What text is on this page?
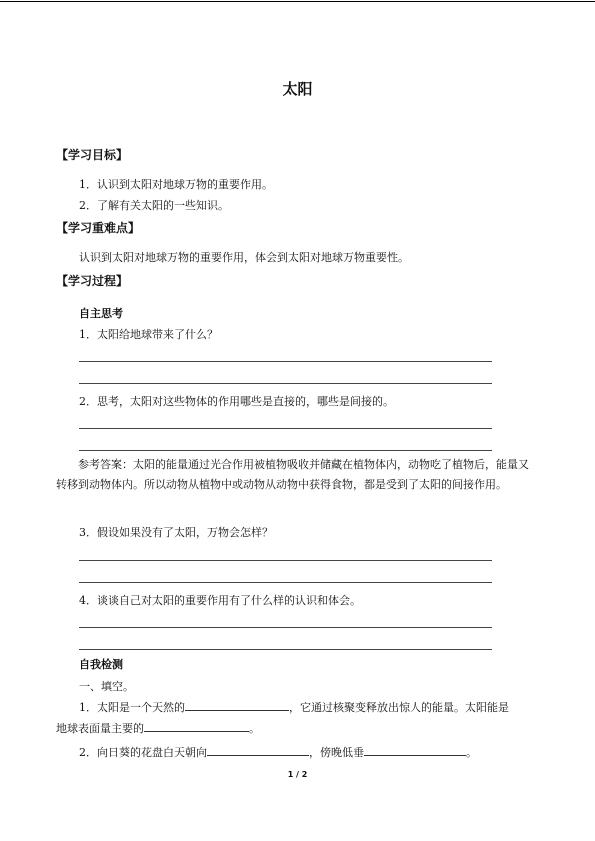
太阳
【学习目标】
1．认识到太阳对地球万物的重要作用。
2．了解有关太阳的一些知识。
【学习重难点】
认识到太阳对地球万物的重要作用，体会到太阳对地球万物重要性。
【学习过程】
自主思考
1．太阳给地球带来了什么？
2．思考，太阳对这些物体的作用哪些是直接的，哪些是间接的。
参考答案：太阳的能量通过光合作用被植物吸收并储藏在植物体内，动物吃了植物后，能量又转移到动物体内。所以动物从植物中或动物从动物中获得食物，都是受到了太阳的间接作用。
3．假设如果没有了太阳，万物会怎样？
4．谈谈自己对太阳的重要作用有了什么样的认识和体会。
自我检测
一、填空。
1．太阳是一个天然的	，它通过核聚变释放出惊人的能量。太阳能是
地球表面量主要的	。
2．向日葵的花盘白天朝向	，傍晚低垂	。
1 / 2
